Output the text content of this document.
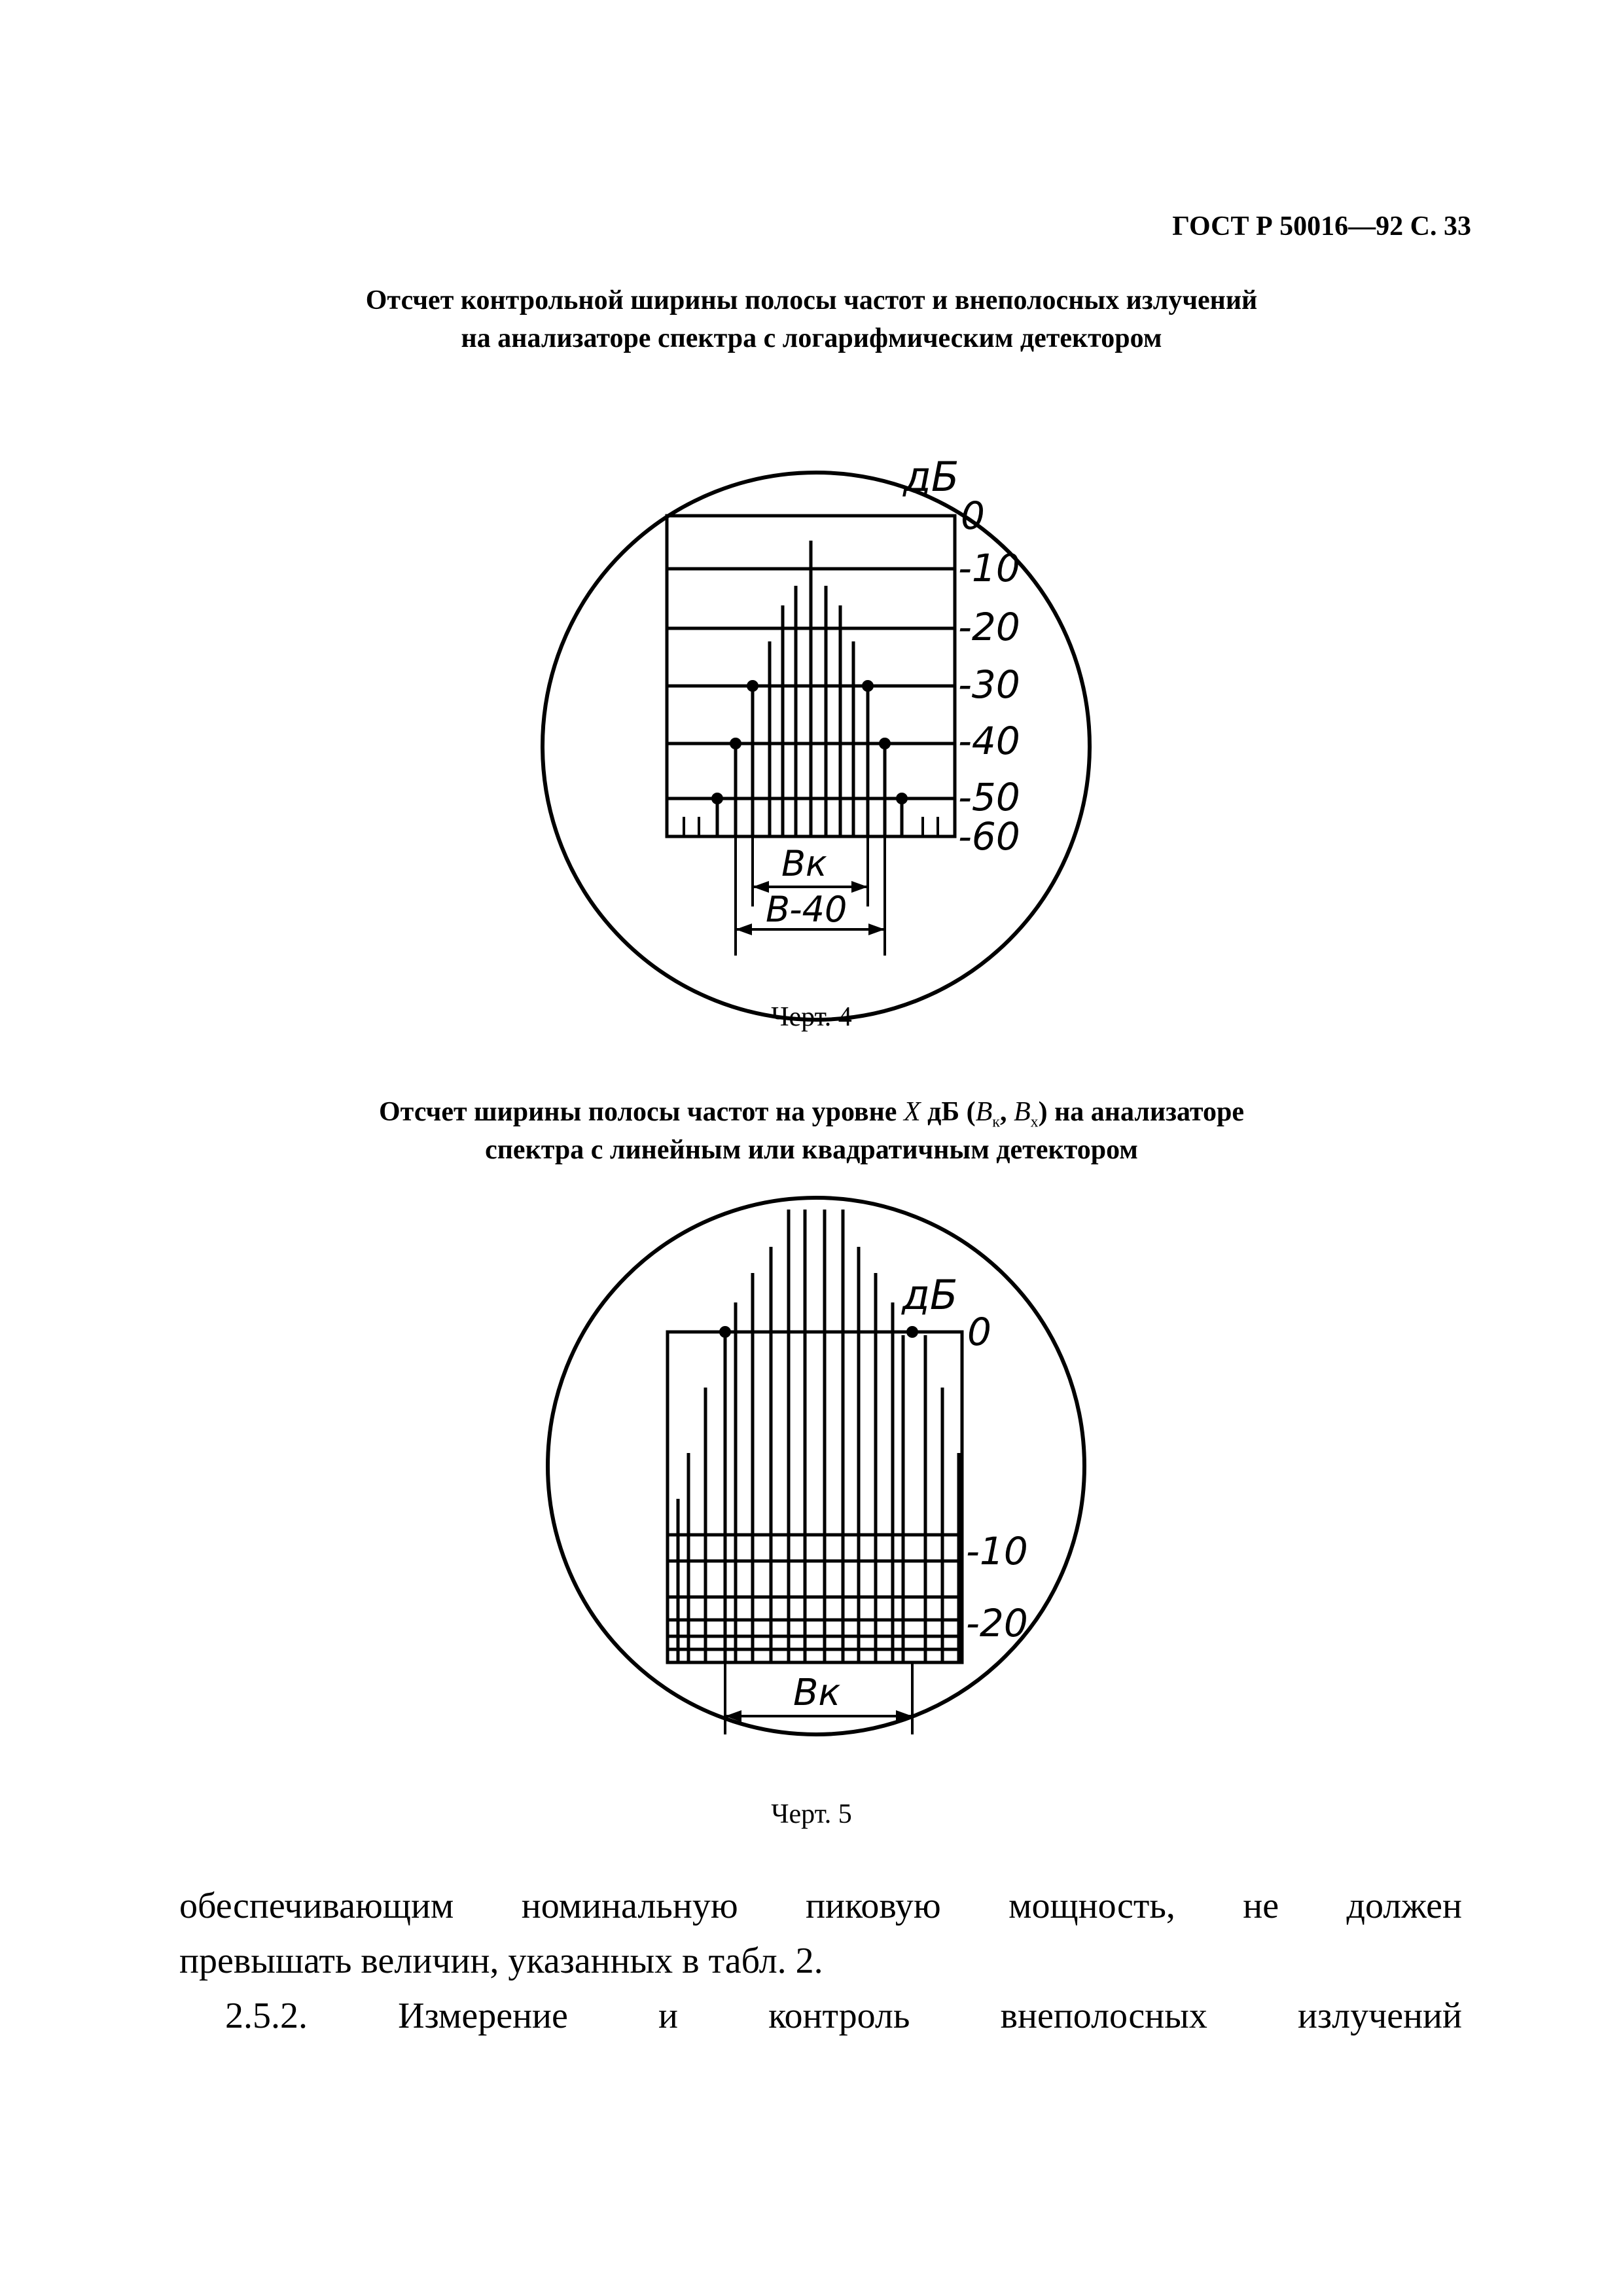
ГОСТ Р 50016—92 С. 33
Отсчет контрольной ширины полосы частот и внеполосных излучений
на анализаторе спектра с логарифмическим детектором
дБ
0
-10
-20
-30
-40
-50
-60
Bк
B-40
Черт. 4
Отсчет ширины полосы частот на уровне X дБ ($B_к$, $B_х$) на анализаторе
спектра с линейным или квадратичным детектором
дБ
0
-10
-20
Bк
Черт. 5
обеспечивающим номинальную пиковую мощность, не должен
превышать величин, указанных в табл. 2.
2.5.2. Измерение и контроль внеполосных излучений
